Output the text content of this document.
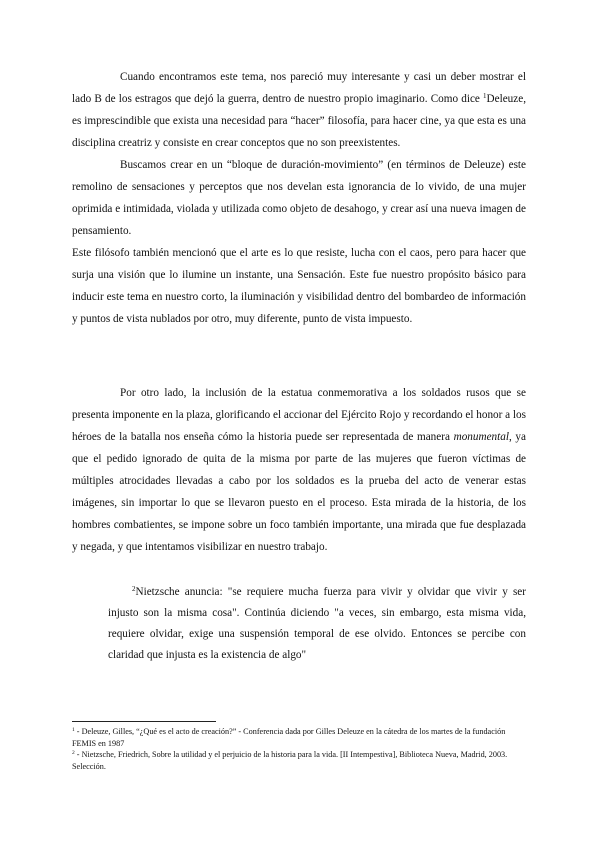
Cuando encontramos este tema, nos pareció muy interesante y casi un deber mostrar el lado B de los estragos que dejó la guerra, dentro de nuestro propio imaginario. Como dice $^1$Deleuze, es imprescindible que exista una necesidad para “hacer” filosofía, para hacer cine, ya que esta es una disciplina creatriz y consiste en crear conceptos que no son preexistentes.

Buscamos crear en un “bloque de duración-movimiento” (en términos de Deleuze) este remolino de sensaciones y perceptos que nos develan esta ignorancia de lo vivido, de una mujer oprimida e intimidada, violada y utilizada como objeto de desahogo, y crear así una nueva imagen de pensamiento.

Este filósofo también mencionó que el arte es lo que resiste, lucha con el caos, pero para hacer que surja una visión que lo ilumine un instante, una Sensación. Este fue nuestro propósito básico para inducir este tema en nuestro corto, la iluminación y visibilidad dentro del bombardeo de información y puntos de vista nublados por otro, muy diferente, punto de vista impuesto.

Por otro lado, la inclusión de la estatua conmemorativa a los soldados rusos que se presenta imponente en la plaza, glorificando el accionar del Ejército Rojo y recordando el honor a los héroes de la batalla nos enseña cómo la historia puede ser representada de manera monumental, ya que el pedido ignorado de quita de la misma por parte de las mujeres que fueron víctimas de múltiples atrocidades llevadas a cabo por los soldados es la prueba del acto de venerar estas imágenes, sin importar lo que se llevaron puesto en el proceso. Esta mirada de la historia, de los hombres combatientes, se impone sobre un foco también importante, una mirada que fue desplazada y negada, y que intentamos visibilizar en nuestro trabajo.

$^2$Nietzsche anuncia: "se requiere mucha fuerza para vivir y olvidar que vivir y ser injusto son la misma cosa". Continúa diciendo "a veces, sin embargo, esta misma vida, requiere olvidar, exige una suspensión temporal de ese olvido. Entonces se percibe con claridad que injusta es la existencia de algo"

$^1$ - Deleuze, Gilles, “¿Qué es el acto de creación?” - Conferencia dada por Gilles Deleuze en la cátedra de los martes de la fundación FEMIS en 1987

$^2$ - Nietzsche, Friedrich, Sobre la utilidad y el perjuicio de la historia para la vida. [II Intempestiva], Biblioteca Nueva, Madrid, 2003. Selección.
